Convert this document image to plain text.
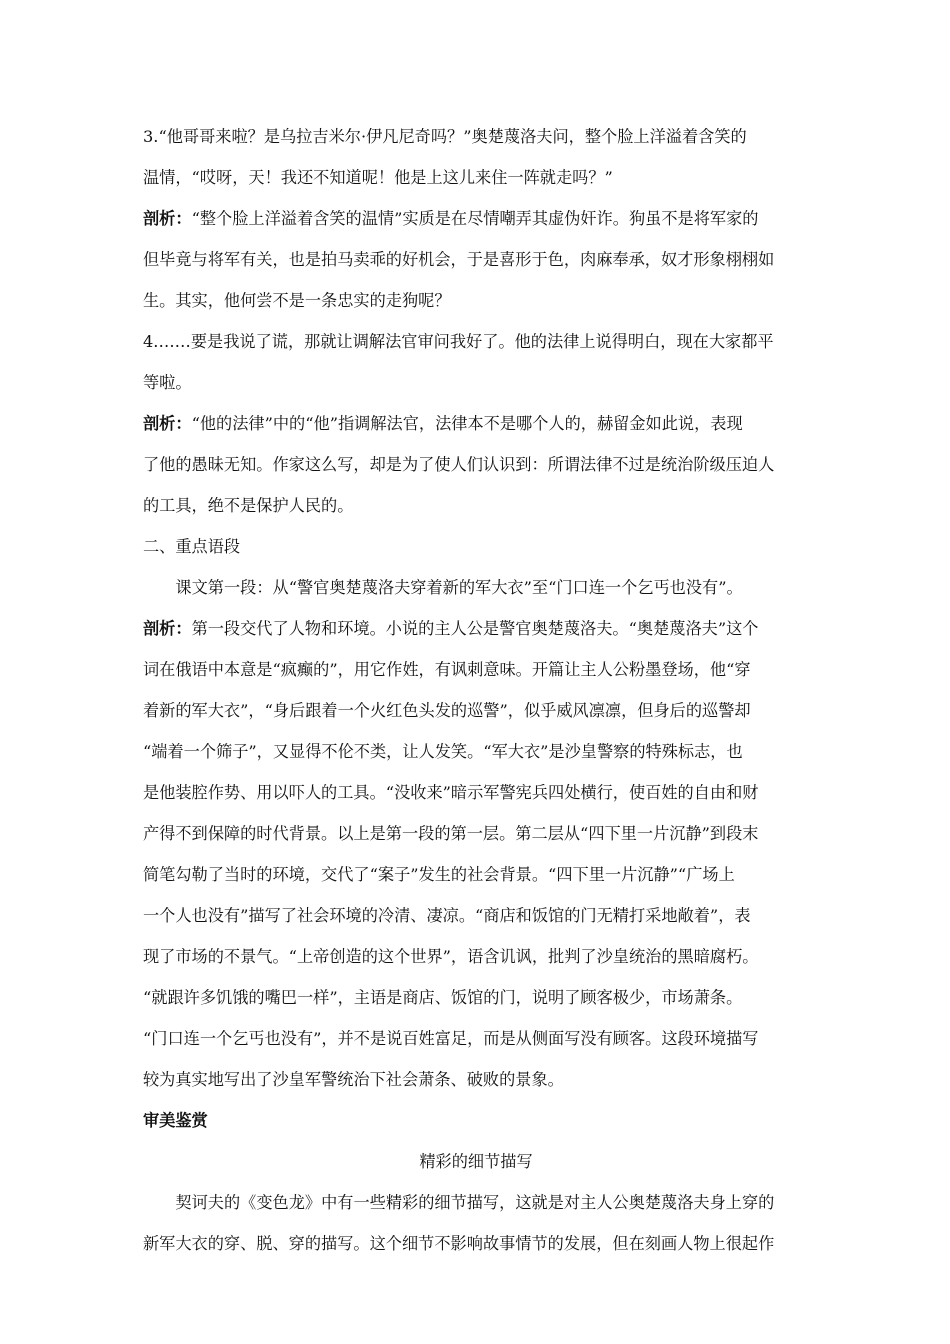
3.“他哥哥来啦？是乌拉吉米尔·伊凡尼奇吗？”奥楚蔑洛夫问，整个脸上洋溢着含笑的
温情，“哎呀，天！我还不知道呢！他是上这儿来住一阵就走吗？”
剖析：“整个脸上洋溢着含笑的温情”实质是在尽情嘲弄其虚伪奸诈。狗虽不是将军家的
但毕竟与将军有关，也是拍马卖乖的好机会，于是喜形于色，肉麻奉承，奴才形象栩栩如
生。其实，他何尝不是一条忠实的走狗呢？
4.……要是我说了谎，那就让调解法官审问我好了。他的法律上说得明白，现在大家都平
等啦。
剖析：“他的法律”中的“他”指调解法官，法律本不是哪个人的，赫留金如此说，表现
了他的愚昧无知。作家这么写，却是为了使人们认识到：所谓法律不过是统治阶级压迫人
的工具，绝不是保护人民的。
二、重点语段
课文第一段：从“警官奥楚蔑洛夫穿着新的军大衣”至“门口连一个乞丐也没有”。
剖析：第一段交代了人物和环境。小说的主人公是警官奥楚蔑洛夫。“奥楚蔑洛夫”这个
词在俄语中本意是“疯癫的”，用它作姓，有讽刺意味。开篇让主人公粉墨登场，他“穿
着新的军大衣”，“身后跟着一个火红色头发的巡警”，似乎威风凛凛，但身后的巡警却
“端着一个筛子”，又显得不伦不类，让人发笑。“军大衣”是沙皇警察的特殊标志，也
是他装腔作势、用以吓人的工具。“没收来”暗示军警宪兵四处横行，使百姓的自由和财
产得不到保障的时代背景。以上是第一段的第一层。第二层从“四下里一片沉静”到段末
简笔勾勒了当时的环境，交代了“案子”发生的社会背景。“四下里一片沉静”“广场上
一个人也没有”描写了社会环境的冷清、凄凉。“商店和饭馆的门无精打采地敞着”，表
现了市场的不景气。“上帝创造的这个世界”，语含讥讽，批判了沙皇统治的黑暗腐朽。
“就跟许多饥饿的嘴巴一样”，主语是商店、饭馆的门，说明了顾客极少，市场萧条。
“门口连一个乞丐也没有”，并不是说百姓富足，而是从侧面写没有顾客。这段环境描写
较为真实地写出了沙皇军警统治下社会萧条、破败的景象。
审美鉴赏
精彩的细节描写
契诃夫的《变色龙》中有一些精彩的细节描写，这就是对主人公奥楚蔑洛夫身上穿的
新军大衣的穿、脱、穿的描写。这个细节不影响故事情节的发展，但在刻画人物上很起作
